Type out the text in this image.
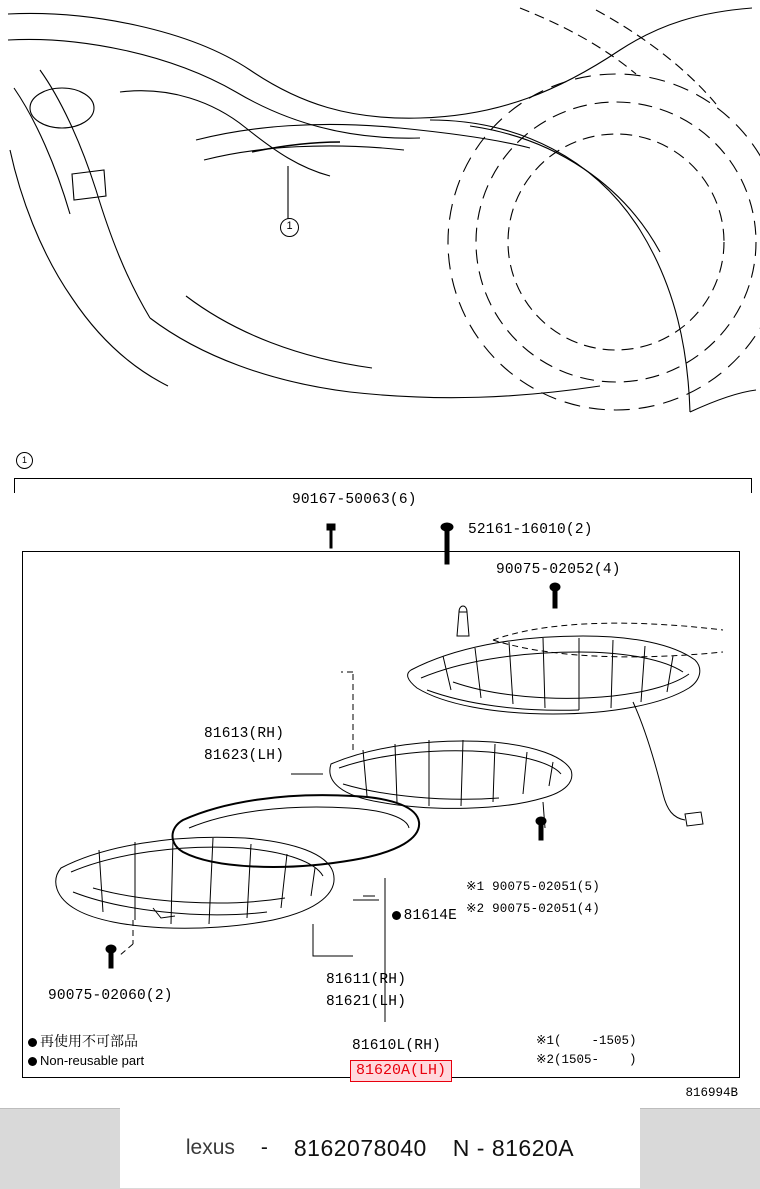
1
1
90167-50063(6)
52161-16010(2)
90075-02052(4)
81613(RH)
81623(LH)
※1 90075-02051(5)
※2 90075-02051(4)

81614E

90075-02060(2)
81611(RH)
81621(LH)
81610L(RH)
81620A(LH)
再使用不可部品
Non-reusable part
※1(    -1505)
※2(1505-    )
816994B
lexus - 8162078040 N - 81620A
